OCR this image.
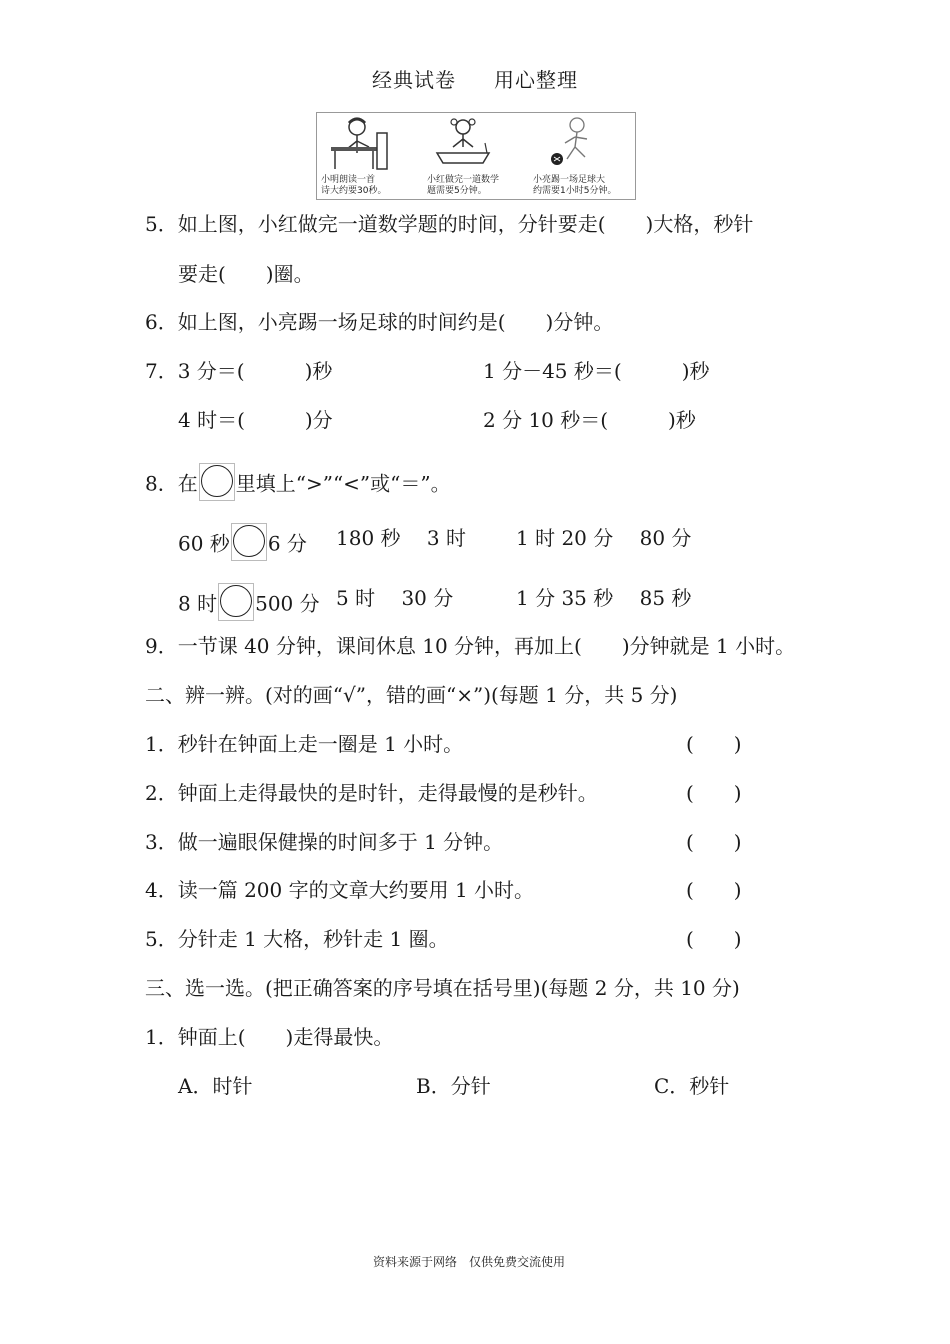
经典试卷 用心整理
小明朗读一首
诗大约要30秒。
小红做完一道数学
题需要5分钟。
小亮踢一场足球大
约需要1小时5分钟。
5．如上图，小红做完一道数学题的时间，分针要走(　　)大格，秒针
要走(　　)圈。
6．如上图，小亮踢一场足球的时间约是(　　)分钟。
7．3 分＝(　　　)秒	1 分－45 秒＝(　　　)秒
4 时＝(　　　)分	2 分 10 秒＝(　　　)秒
8．在 里填上“>”“<”或“＝”。
60 秒 6 分 180 秒　 3 时	1 时 20 分　 80 分
8 时 500 分 5 时　 30 分	1 分 35 秒　 85 秒
9．一节课 40 分钟，课间休息 10 分钟，再加上(　　)分钟就是 1 小时。
二、辨一辨。(对的画“√”，错的画“×”)(每题 1 分，共 5 分)
1．秒针在钟面上走一圈是 1 小时。	(　　)
2．钟面上走得最快的是时针，走得最慢的是秒针。	(　　)
3．做一遍眼保健操的时间多于 1 分钟。	(　　)
4．读一篇 200 字的文章大约要用 1 小时。	(　　)
5．分针走 1 大格，秒针走 1 圈。	(　　)
三、选一选。(把正确答案的序号填在括号里)(每题 2 分，共 10 分)
1．钟面上(　　)走得最快。
A．时针	B．分针	C．秒针
资料来源于网络　仅供免费交流使用
